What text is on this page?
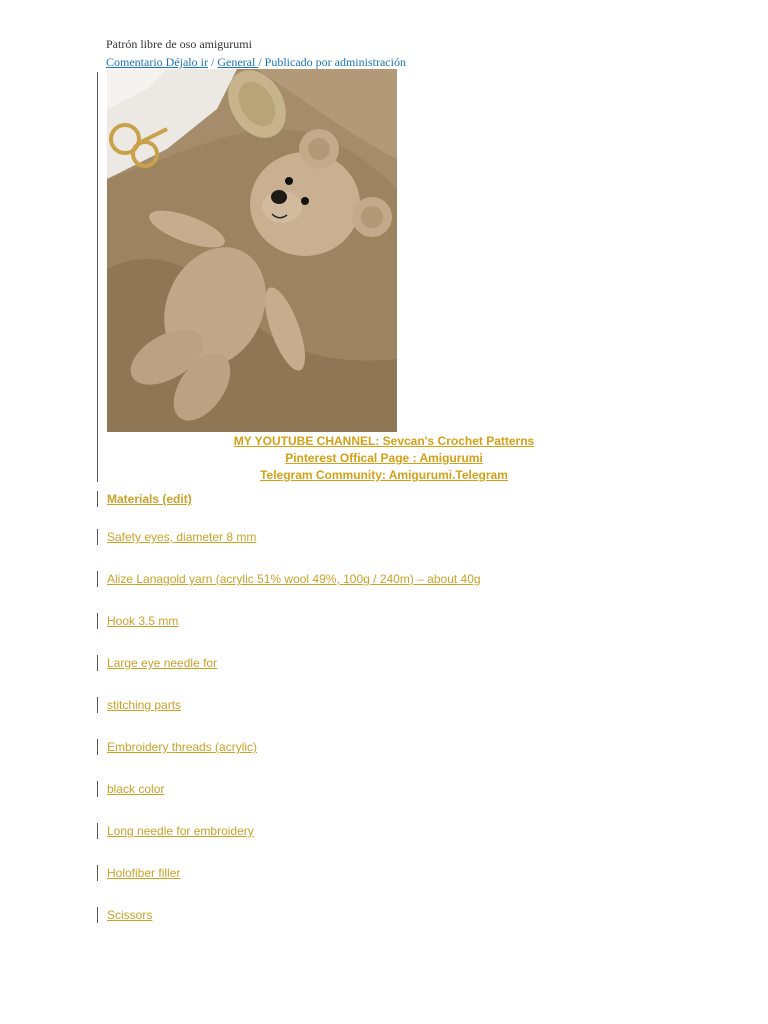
Patrón libre de oso amigurumi
Comentario Déjalo ir / General / Publicado por administración
MY YOUTUBE CHANNEL: Sevcan's Crochet Patterns
Pinterest Offical Page : Amigurumi
Telegram Community: Amigurumi.Telegram
Materials (edit)
Safety eyes, diameter 8 mm
Alize Lanagold yarn (acrylic 51% wool 49%, 100g / 240m) – about 40g
Hook 3.5 mm
Large eye needle for
stitching parts
Embroidery threads (acrylic)
black color
Long needle for embroidery
Holofiber filler
Scissors
